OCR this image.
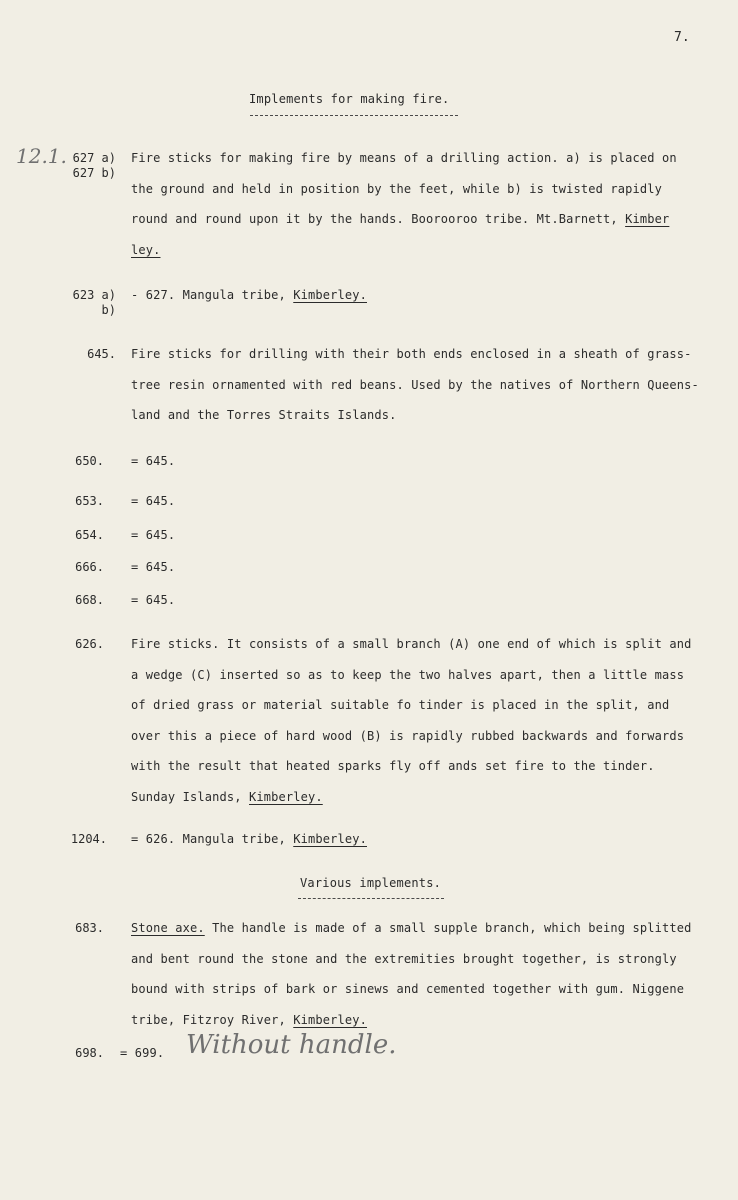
7.
Implements for making fire.
12.1. 627 a)
627 b)
Fire sticks for making fire by means of a drilling action. a) is placed on
the ground and held in position by the feet, while b) is twisted rapidly
round and round upon it by the hands. Boorooroo tribe. Mt.Barnett, Kimber
ley.
623 a)
b)
- 627. Mangula tribe, Kimberley.
645. Fire sticks for drilling with their both ends enclosed in a sheath of grass-
tree resin ornamented with red beans. Used by the natives of Northern Queens-
land and the Torres Straits Islands.
650. = 645.
653. = 645.
654. = 645.
666. = 645.
668. = 645.
626. Fire sticks. It consists of a small branch (A) one end of which is split and
a wedge (C) inserted so as to keep the two halves apart, then a little mass
of dried grass or material suitable fo tinder is placed in the split, and
over this a piece of hard wood (B) is rapidly rubbed backwards and forwards
with the result that heated sparks fly off ands set fire to the tinder.
Sunday Islands, Kimberley.
1204. = 626. Mangula tribe, Kimberley.
Various implements.
683. Stone axe. The handle is made of a small supple branch, which being splitted
and bent round the stone and the extremities brought together, is strongly
bound with strips of bark or sinews and cemented together with gum. Niggene
tribe, Fitzroy River, Kimberley.
698. = 699. Without handle.
